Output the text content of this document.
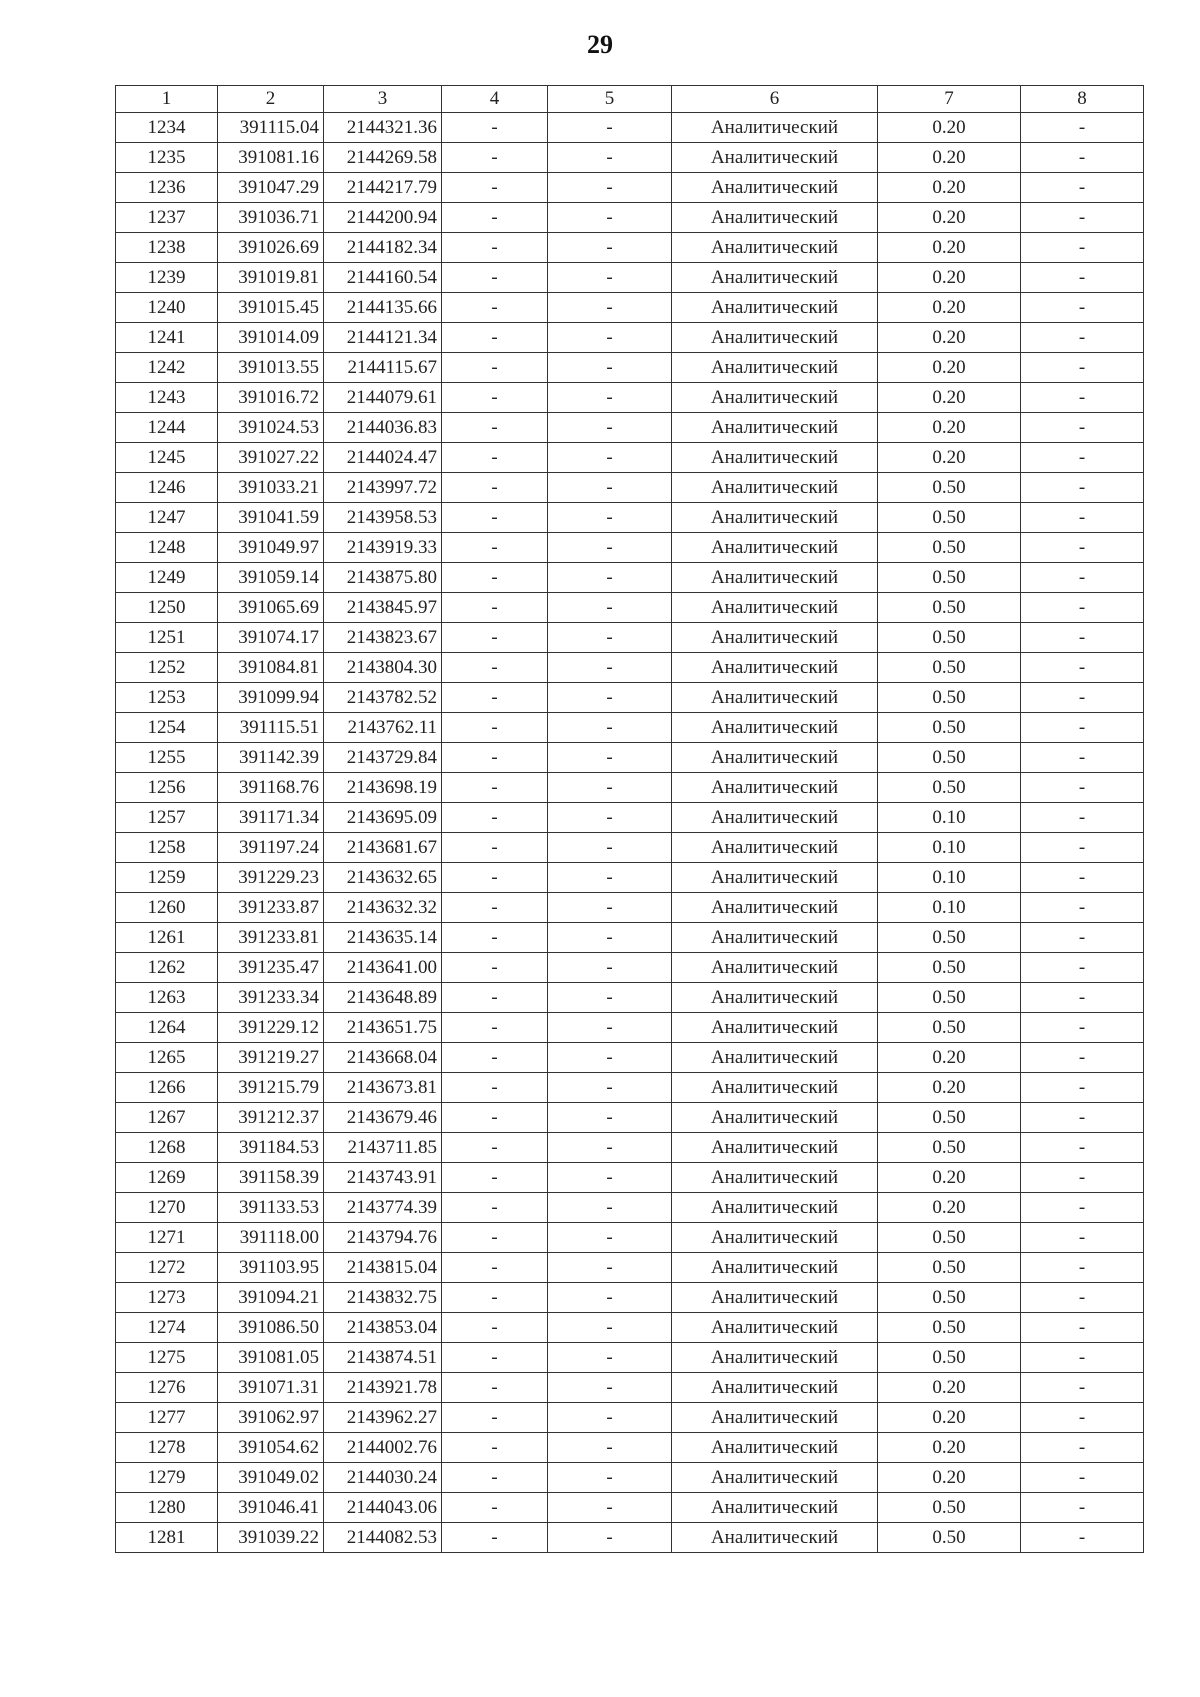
29
1	2	3	4	5	6	7	8
1234	391115.04	2144321.36	-	-	Аналитический	0.20	-
1235	391081.16	2144269.58	-	-	Аналитический	0.20	-
1236	391047.29	2144217.79	-	-	Аналитический	0.20	-
1237	391036.71	2144200.94	-	-	Аналитический	0.20	-
1238	391026.69	2144182.34	-	-	Аналитический	0.20	-
1239	391019.81	2144160.54	-	-	Аналитический	0.20	-
1240	391015.45	2144135.66	-	-	Аналитический	0.20	-
1241	391014.09	2144121.34	-	-	Аналитический	0.20	-
1242	391013.55	2144115.67	-	-	Аналитический	0.20	-
1243	391016.72	2144079.61	-	-	Аналитический	0.20	-
1244	391024.53	2144036.83	-	-	Аналитический	0.20	-
1245	391027.22	2144024.47	-	-	Аналитический	0.20	-
1246	391033.21	2143997.72	-	-	Аналитический	0.50	-
1247	391041.59	2143958.53	-	-	Аналитический	0.50	-
1248	391049.97	2143919.33	-	-	Аналитический	0.50	-
1249	391059.14	2143875.80	-	-	Аналитический	0.50	-
1250	391065.69	2143845.97	-	-	Аналитический	0.50	-
1251	391074.17	2143823.67	-	-	Аналитический	0.50	-
1252	391084.81	2143804.30	-	-	Аналитический	0.50	-
1253	391099.94	2143782.52	-	-	Аналитический	0.50	-
1254	391115.51	2143762.11	-	-	Аналитический	0.50	-
1255	391142.39	2143729.84	-	-	Аналитический	0.50	-
1256	391168.76	2143698.19	-	-	Аналитический	0.50	-
1257	391171.34	2143695.09	-	-	Аналитический	0.10	-
1258	391197.24	2143681.67	-	-	Аналитический	0.10	-
1259	391229.23	2143632.65	-	-	Аналитический	0.10	-
1260	391233.87	2143632.32	-	-	Аналитический	0.10	-
1261	391233.81	2143635.14	-	-	Аналитический	0.50	-
1262	391235.47	2143641.00	-	-	Аналитический	0.50	-
1263	391233.34	2143648.89	-	-	Аналитический	0.50	-
1264	391229.12	2143651.75	-	-	Аналитический	0.50	-
1265	391219.27	2143668.04	-	-	Аналитический	0.20	-
1266	391215.79	2143673.81	-	-	Аналитический	0.20	-
1267	391212.37	2143679.46	-	-	Аналитический	0.50	-
1268	391184.53	2143711.85	-	-	Аналитический	0.50	-
1269	391158.39	2143743.91	-	-	Аналитический	0.20	-
1270	391133.53	2143774.39	-	-	Аналитический	0.20	-
1271	391118.00	2143794.76	-	-	Аналитический	0.50	-
1272	391103.95	2143815.04	-	-	Аналитический	0.50	-
1273	391094.21	2143832.75	-	-	Аналитический	0.50	-
1274	391086.50	2143853.04	-	-	Аналитический	0.50	-
1275	391081.05	2143874.51	-	-	Аналитический	0.50	-
1276	391071.31	2143921.78	-	-	Аналитический	0.20	-
1277	391062.97	2143962.27	-	-	Аналитический	0.20	-
1278	391054.62	2144002.76	-	-	Аналитический	0.20	-
1279	391049.02	2144030.24	-	-	Аналитический	0.20	-
1280	391046.41	2144043.06	-	-	Аналитический	0.50	-
1281	391039.22	2144082.53	-	-	Аналитический	0.50	-
